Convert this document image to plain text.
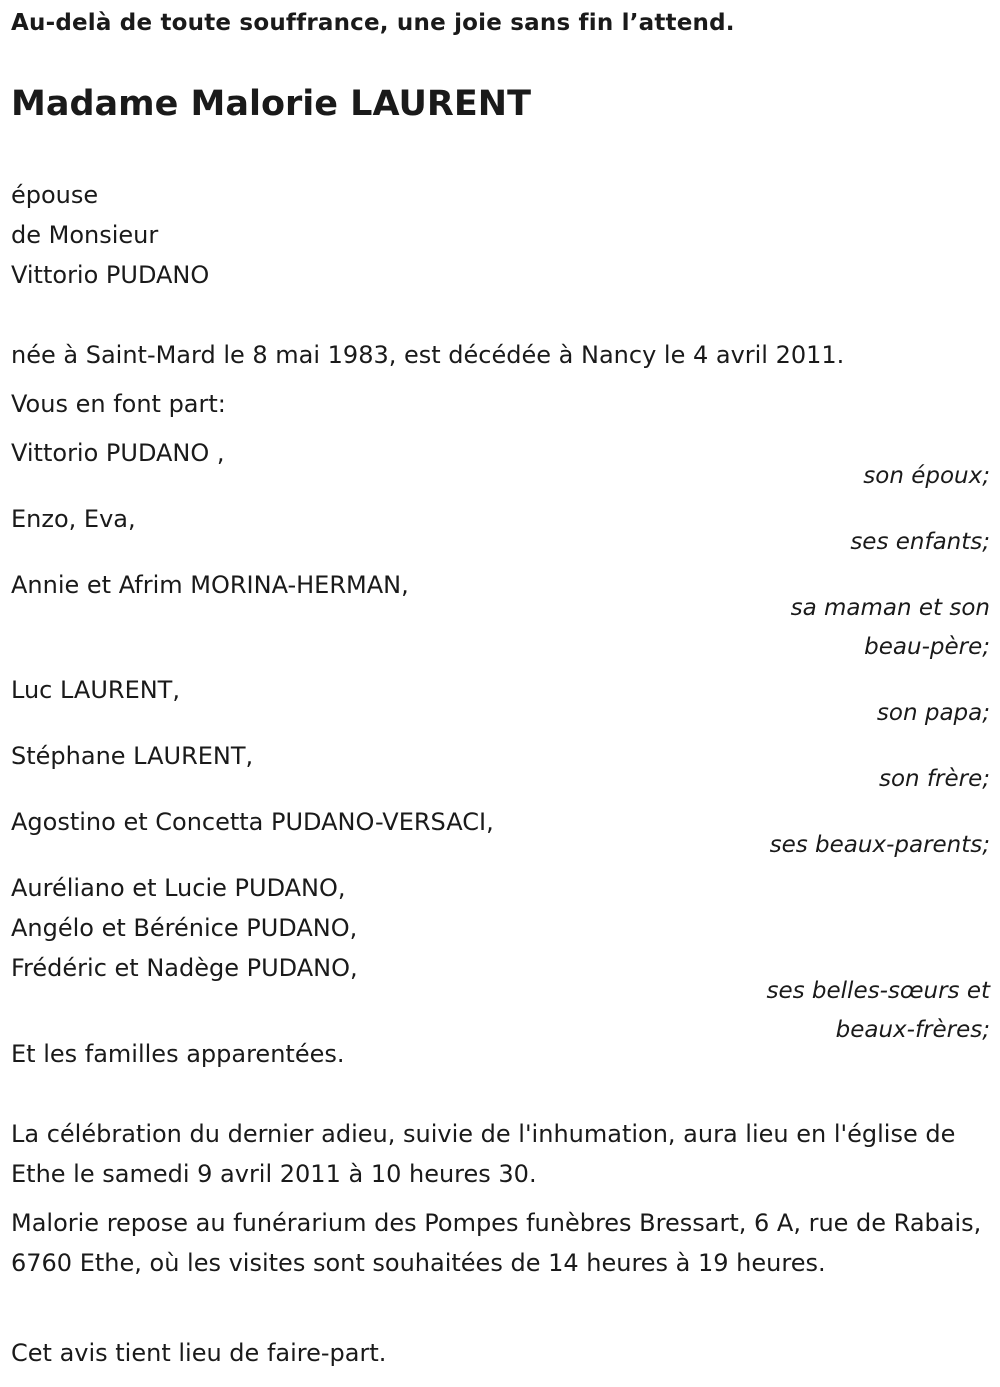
Au-delà de toute souffrance, une joie sans fin l’attend.
Madame Malorie LAURENT
épouse
de Monsieur
Vittorio PUDANO
née à Saint-Mard le 8 mai 1983, est décédée à Nancy le 4 avril 2011.
Vous en font part:
Vittorio PUDANO ,
son époux;
Enzo, Eva,
ses enfants;
Annie et Afrim MORINA-HERMAN,
sa maman et son
beau-père;
Luc LAURENT,
son papa;
Stéphane LAURENT,
son frère;
Agostino et Concetta PUDANO-VERSACI,
ses beaux-parents;
Auréliano et Lucie PUDANO,
Angélo et Bérénice PUDANO,
Frédéric et Nadège PUDANO,
ses belles-sœurs et
beaux-frères;
Et les familles apparentées.
La célébration du dernier adieu, suivie de l'inhumation, aura lieu en l'église de Ethe le samedi 9 avril 2011 à 10 heures 30.
Malorie repose au funérarium des Pompes funèbres Bressart, 6 A, rue de Rabais, 6760 Ethe, où les visites sont souhaitées de 14 heures à 19 heures.
Cet avis tient lieu de faire-part.
